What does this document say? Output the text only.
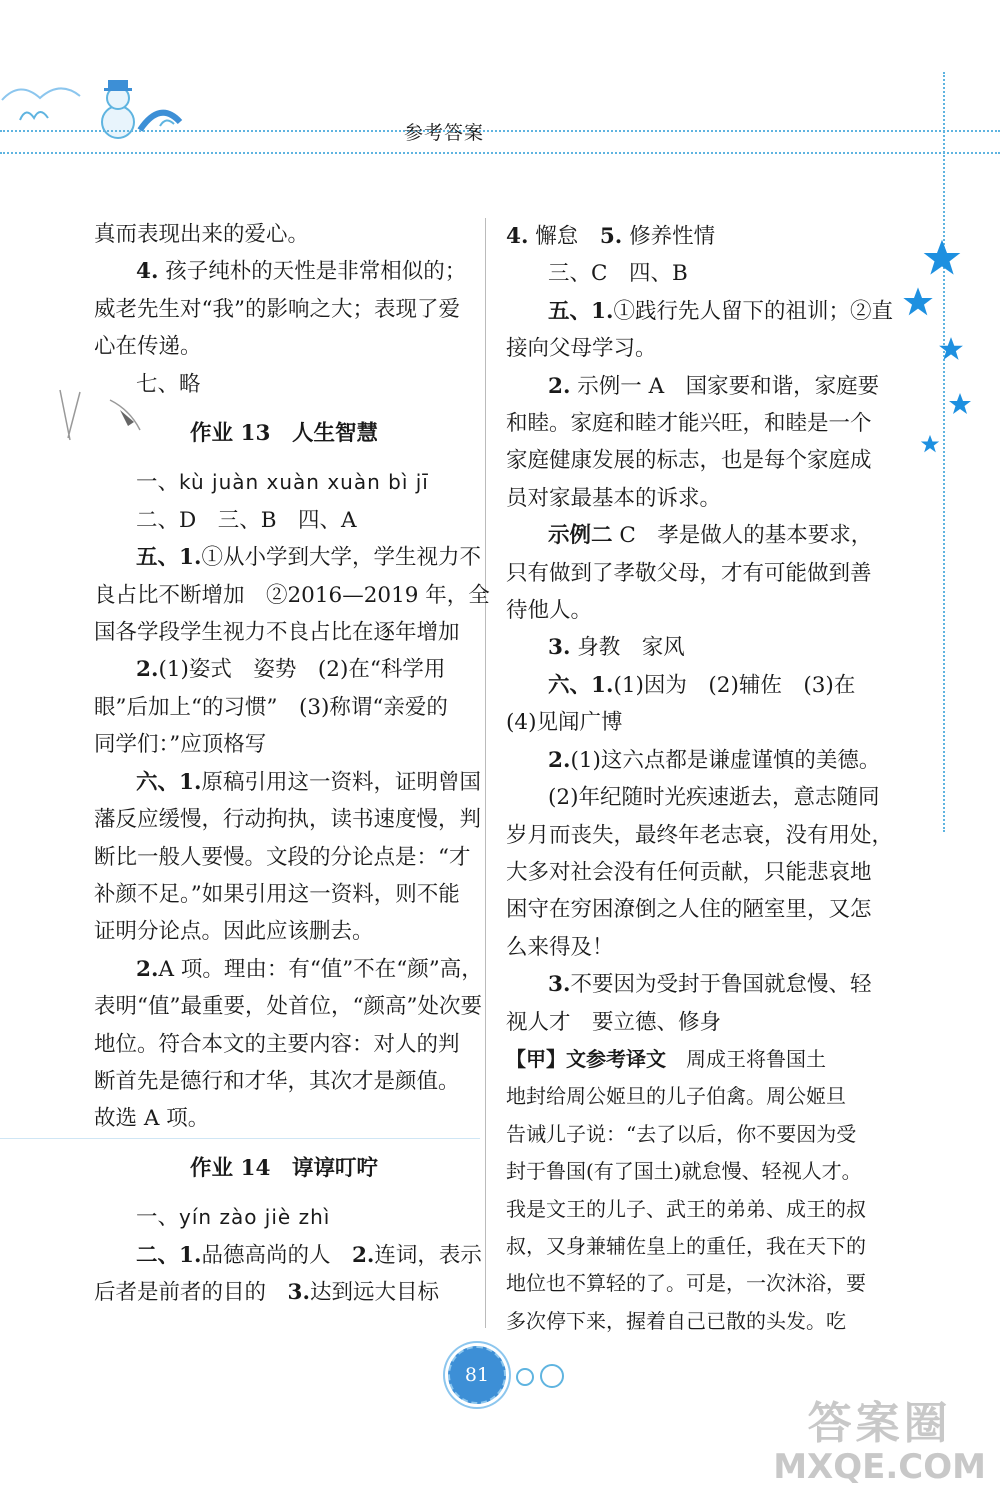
参考答案

真而表现出来的爱心。

4. 孩子纯朴的天性是非常相似的；

威老先生对“我”的影响之大；表现了爱

心在传递。

七、略

作业 13　人生智慧

一、kù juàn xuàn xuàn bì jī

二、D　三、B　四、A

五、1.①从小学到大学，学生视力不

良占比不断增加　②2016—2019 年，全

国各学段学生视力不良占比在逐年增加

2.(1)姿式　姿势　(2)在“科学用

眼”后加上“的习惯”　(3)称谓“亲爱的

同学们：”应顶格写

六、1.原稿引用这一资料，证明曾国

藩反应缓慢，行动拘执，读书速度慢，判

断比一般人要慢。文段的分论点是：“才

补颜不足。”如果引用这一资料，则不能

证明分论点。因此应该删去。

2.A 项。理由：有“值”不在“颜”高，

表明“值”最重要，处首位，“颜高”处次要

地位。符合本文的主要内容：对人的判

断首先是德行和才华，其次才是颜值。

故选 A 项。

作业 14　谆谆叮咛

一、yín zào jiè zhì

二、1.品德高尚的人　2.连词，表示

后者是前者的目的　3.达到远大目标

4. 懈怠　5. 修养性情

三、C　四、B

五、1.①践行先人留下的祖训；②直

接向父母学习。

2. 示例一 A　国家要和谐，家庭要

和睦。家庭和睦才能兴旺，和睦是一个

家庭健康发展的标志，也是每个家庭成

员对家最基本的诉求。

示例二 C　孝是做人的基本要求，

只有做到了孝敬父母，才有可能做到善

待他人。

3. 身教　家风

六、1.(1)因为　(2)辅佐　(3)在

(4)见闻广博

2.(1)这六点都是谦虚谨慎的美德。

(2)年纪随时光疾速逝去，意志随同

岁月而丧失，最终年老志衰，没有用处，

大多对社会没有任何贡献，只能悲哀地

困守在穷困潦倒之人住的陋室里，又怎

么来得及！

3.不要因为受封于鲁国就怠慢、轻

视人才　要立德、修身

【甲】文参考译文　周成王将鲁国土

地封给周公姬旦的儿子伯禽。周公姬旦

告诫儿子说：“去了以后，你不要因为受

封于鲁国(有了国土)就怠慢、轻视人才。

我是文王的儿子、武王的弟弟、成王的叔

叔，又身兼辅佐皇上的重任，我在天下的

地位也不算轻的了。可是，一次沐浴，要

多次停下来，握着自己已散的头发。吃

81
答案圈
MXQE.COM
